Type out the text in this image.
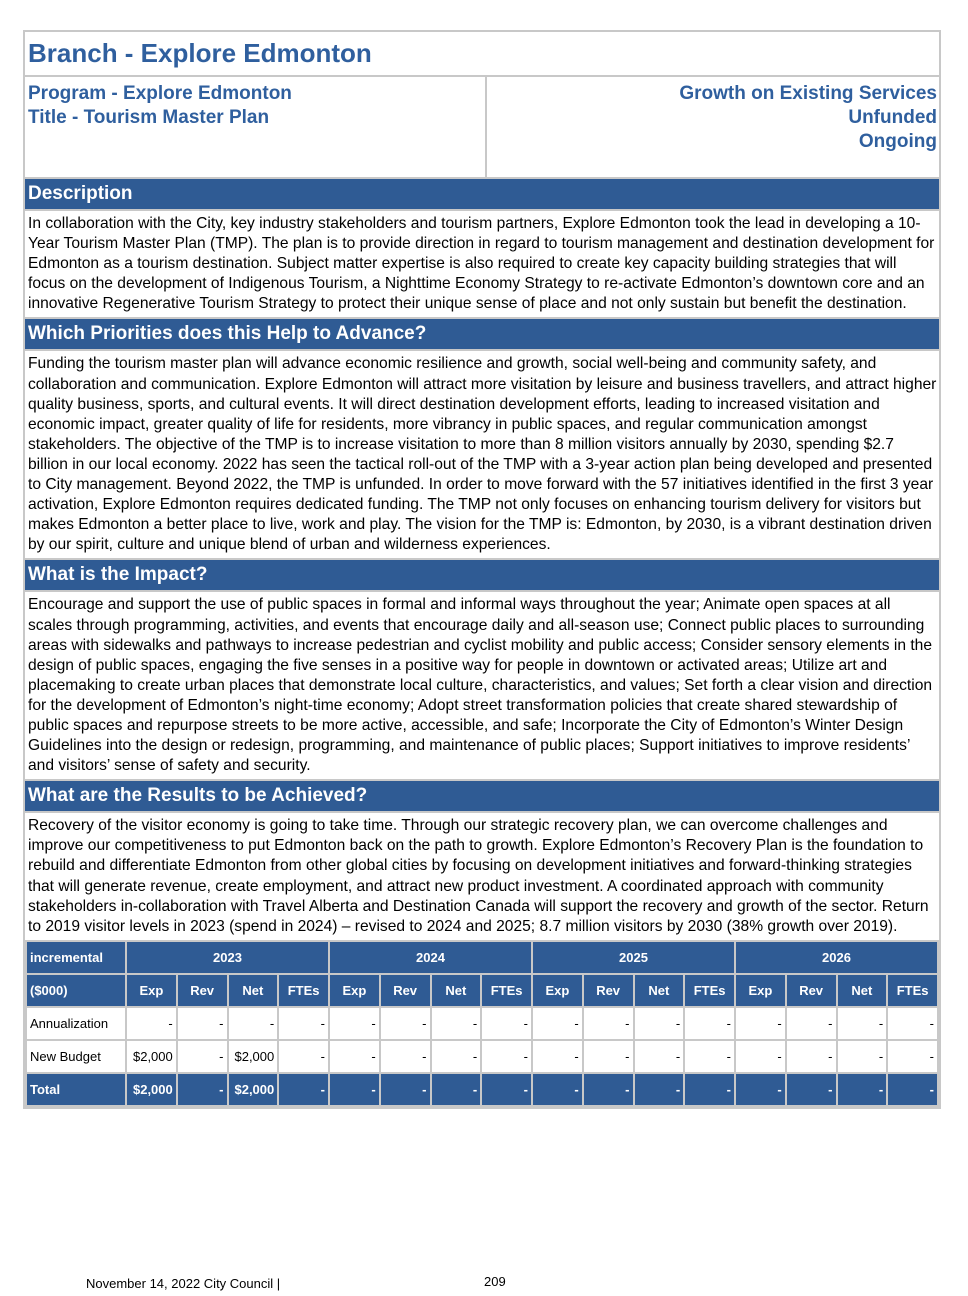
Branch - Explore Edmonton
Program - Explore Edmonton
Title - Tourism Master Plan
Growth on Existing Services
Unfunded
Ongoing
Description
In collaboration with the City, key industry stakeholders and tourism partners, Explore Edmonton took the lead in developing a 10-Year Tourism Master Plan (TMP). The plan is to provide direction in regard to tourism management and destination development for Edmonton as a tourism destination. Subject matter expertise is also required to create key capacity building strategies that will focus on the development of Indigenous Tourism, a Nighttime Economy Strategy to re-activate Edmonton’s downtown core and an innovative Regenerative Tourism Strategy to protect their unique sense of place and not only sustain but benefit the destination.
Which Priorities does this Help to Advance?
Funding the tourism master plan will advance economic resilience and growth, social well-being and community safety, and collaboration and communication. Explore Edmonton will attract more visitation by leisure and business travellers, and attract higher quality business, sports, and cultural events. It will direct destination development efforts, leading to increased visitation and economic impact, greater quality of life for residents, more vibrancy in public spaces, and regular communication amongst stakeholders. The objective of the TMP is to increase visitation to more than 8 million visitors annually by 2030, spending $2.7 billion in our local economy. 2022 has seen the tactical roll-out of the TMP with a 3-year action plan being developed and presented to City management. Beyond 2022, the TMP is unfunded. In order to move forward with the 57 initiatives identified in the first 3 year activation, Explore Edmonton requires dedicated funding. The TMP not only focuses on enhancing tourism delivery for visitors but makes Edmonton a better place to live, work and play. The vision for the TMP is: Edmonton, by 2030, is a vibrant destination driven by our spirit, culture and unique blend of urban and wilderness experiences.
What is the Impact?
Encourage and support the use of public spaces in formal and informal ways throughout the year; Animate open spaces at all scales through programming, activities, and events that encourage daily and all-season use; Connect public places to surrounding areas with sidewalks and pathways to increase pedestrian and cyclist mobility and public access; Consider sensory elements in the design of public spaces, engaging the five senses in a positive way for people in downtown or activated areas; Utilize art and placemaking to create urban places that demonstrate local culture, characteristics, and values; Set forth a clear vision and direction for the development of Edmonton’s night-time economy; Adopt street transformation policies that create shared stewardship of public spaces and repurpose streets to be more active, accessible, and safe; Incorporate the City of Edmonton’s Winter Design Guidelines into the design or redesign, programming, and maintenance of public places; Support initiatives to improve residents’ and visitors’ sense of safety and security.
What are the Results to be Achieved?
Recovery of the visitor economy is going to take time. Through our strategic recovery plan, we can overcome challenges and improve our competitiveness to put Edmonton back on the path to growth. Explore Edmonton’s Recovery Plan is the foundation to rebuild and differentiate Edmonton from other global cities by focusing on development initiatives and forward-thinking strategies that will generate revenue, create employment, and attract new product investment. A coordinated approach with community stakeholders in-collaboration with Travel Alberta and Destination Canada will support the recovery and growth of the sector. Return to 2019 visitor levels in 2023 (spend in 2024) – revised to 2024 and 2025; 8.7 million visitors by 2030 (38% growth over 2019).
incremental	2023				2024				2025				2026			
($000)	Exp	Rev	Net	FTEs	Exp	Rev	Net	FTEs	Exp	Rev	Net	FTEs	Exp	Rev	Net	FTEs
Annualization	-	-	-	-	-	-	-	-	-	-	-	-	-	-	-	-
New Budget	$2,000	-	$2,000	-	-	-	-	-	-	-	-	-	-	-	-	-
Total	$2,000	-	$2,000	-	-	-	-	-	-	-	-	-	-	-	-	-
November 14, 2022 City Council |	209
